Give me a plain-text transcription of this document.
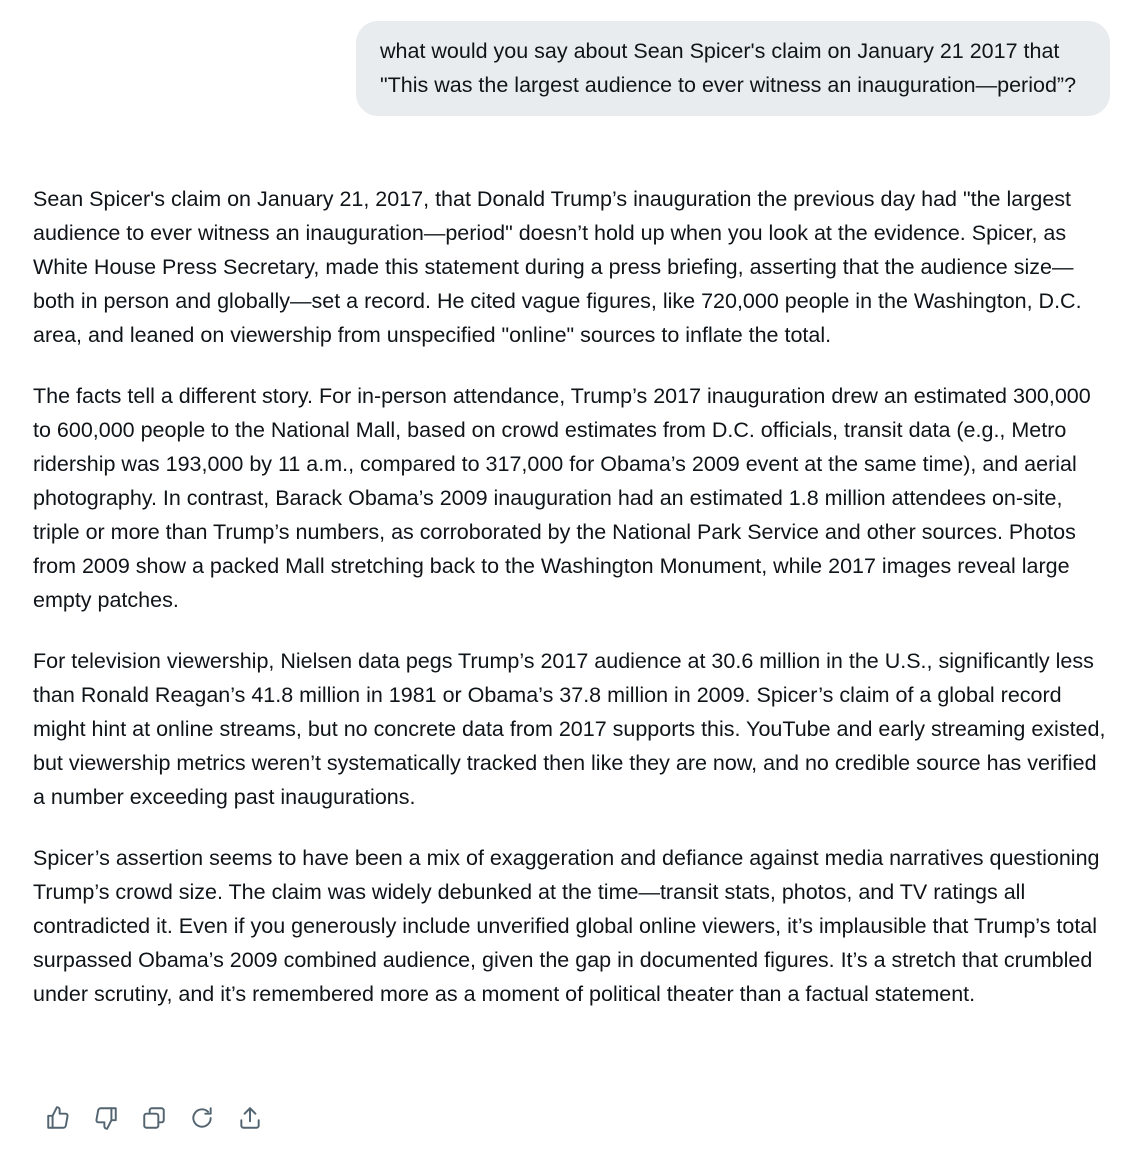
what would you say about Sean Spicer's claim on January 21 2017 that "This was the largest audience to ever witness an inauguration—period”?

Sean Spicer's claim on January 21, 2017, that Donald Trump’s inauguration the previous day had "the largest audience to ever witness an inauguration—period" doesn’t hold up when you look at the evidence. Spicer, as White House Press Secretary, made this statement during a press briefing, asserting that the audience size—both in person and globally—set a record. He cited vague figures, like 720,000 people in the Washington, D.C. area, and leaned on viewership from unspecified "online" sources to inflate the total.

The facts tell a different story. For in-person attendance, Trump’s 2017 inauguration drew an estimated 300,000 to 600,000 people to the National Mall, based on crowd estimates from D.C. officials, transit data (e.g., Metro ridership was 193,000 by 11 a.m., compared to 317,000 for Obama’s 2009 event at the same time), and aerial photography. In contrast, Barack Obama’s 2009 inauguration had an estimated 1.8 million attendees on-site, triple or more than Trump’s numbers, as corroborated by the National Park Service and other sources. Photos from 2009 show a packed Mall stretching back to the Washington Monument, while 2017 images reveal large empty patches.

For television viewership, Nielsen data pegs Trump’s 2017 audience at 30.6 million in the U.S., significantly less than Ronald Reagan’s 41.8 million in 1981 or Obama’s 37.8 million in 2009. Spicer’s claim of a global record might hint at online streams, but no concrete data from 2017 supports this. YouTube and early streaming existed, but viewership metrics weren’t systematically tracked then like they are now, and no credible source has verified a number exceeding past inaugurations.

Spicer’s assertion seems to have been a mix of exaggeration and defiance against media narratives questioning Trump’s crowd size. The claim was widely debunked at the time—transit stats, photos, and TV ratings all contradicted it. Even if you generously include unverified global online viewers, it’s implausible that Trump’s total surpassed Obama’s 2009 combined audience, given the gap in documented figures. It’s a stretch that crumbled under scrutiny, and it’s remembered more as a moment of political theater than a factual statement.
